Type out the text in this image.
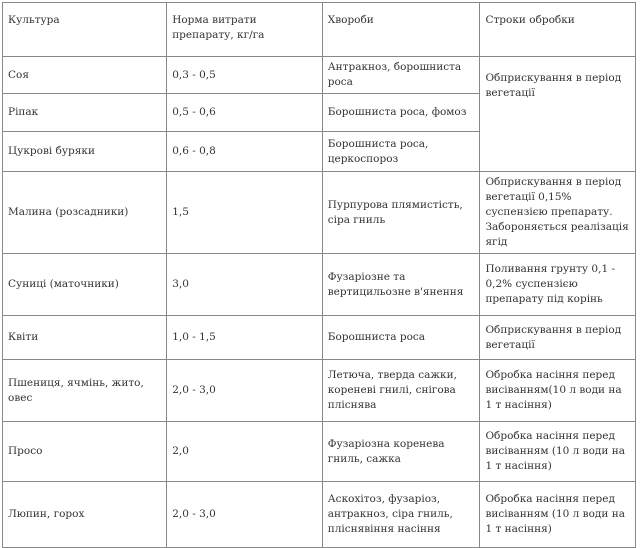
Культура	Норма витрати препарату, кг/га	Хвороби	Строки обробки
Соя	0,3 - 0,5	Антракноз, борошниста роса	Обприскування в період вегетації
Ріпак	0,5 - 0,6	Борошниста роса, фомоз	
Цукрові буряки	0,6 - 0,8	Борошниста роса, церкоспороз	
Малина (розсадники)	1,5	Пурпурова плямистість, сіра гниль	Обприскування в період вегетації 0,15% суспензією препарату. Забороняється реалізація ягід
Суниці (маточники)	3,0	Фузаріозне та вертицильозне в'янення	Поливання грунту 0,1 - 0,2% суспензією препарату під корінь
Квіти	1,0 - 1,5	Борошниста роса	Обприскування в період вегетації
Пшениця, ячмінь, жито, овес	2,0 - 3,0	Летюча, тверда сажки, кореневі гнилі, снігова пліснява	Обробка насіння перед висіванням(10 л води на 1 т насіння)
Просо	2,0	Фузаріозна коренева гниль, сажка	Обробка насіння перед висіванням (10 л води на 1 т насіння)
Люпин, горох	2,0 - 3,0	Аскохітоз, фузаріоз, антракноз, сіра гниль, пліснявіння насіння	Обробка насіння перед висіванням (10 л води на 1 т насіння)
